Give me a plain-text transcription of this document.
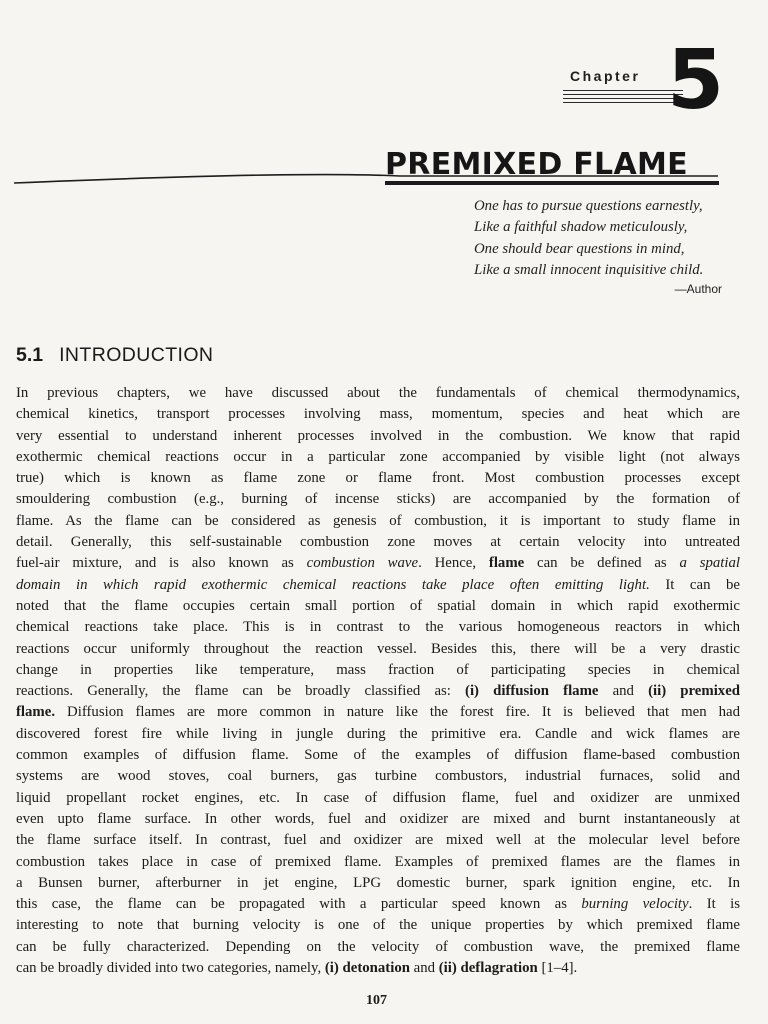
Chapter 5
PREMIXED FLAME
One has to pursue questions earnestly,
Like a faithful shadow meticulously,
One should bear questions in mind,
Like a small innocent inquisitive child.
—Author
5.1 INTRODUCTION
In previous chapters, we have discussed about the fundamentals of chemical thermodynamics,
chemical kinetics, transport processes involving mass, momentum, species and heat which are
very essential to understand inherent processes involved in the combustion. We know that rapid
exothermic chemical reactions occur in a particular zone accompanied by visible light (not always
true) which is known as flame zone or flame front. Most combustion processes except
smouldering combustion (e.g., burning of incense sticks) are accompanied by the formation of
flame. As the flame can be considered as genesis of combustion, it is important to study flame in
detail. Generally, this self-sustainable combustion zone moves at certain velocity into untreated
fuel-air mixture, and is also known as combustion wave. Hence, flame can be defined as a spatial
domain in which rapid exothermic chemical reactions take place often emitting light. It can be
noted that the flame occupies certain small portion of spatial domain in which rapid exothermic
chemical reactions take place. This is in contrast to the various homogeneous reactors in which
reactions occur uniformly throughout the reaction vessel. Besides this, there will be a very drastic
change in properties like temperature, mass fraction of participating species in chemical
reactions. Generally, the flame can be broadly classified as: (i) diffusion flame and (ii) premixed
flame. Diffusion flames are more common in nature like the forest fire. It is believed that men had
discovered forest fire while living in jungle during the primitive era. Candle and wick flames are
common examples of diffusion flame. Some of the examples of diffusion flame-based combustion
systems are wood stoves, coal burners, gas turbine combustors, industrial furnaces, solid and
liquid propellant rocket engines, etc. In case of diffusion flame, fuel and oxidizer are unmixed
even upto flame surface. In other words, fuel and oxidizer are mixed and burnt instantaneously at
the flame surface itself. In contrast, fuel and oxidizer are mixed well at the molecular level before
combustion takes place in case of premixed flame. Examples of premixed flames are the flames in
a Bunsen burner, afterburner in jet engine, LPG domestic burner, spark ignition engine, etc. In
this case, the flame can be propagated with a particular speed known as burning velocity. It is
interesting to note that burning velocity is one of the unique properties by which premixed flame
can be fully characterized. Depending on the velocity of combustion wave, the premixed flame
can be broadly divided into two categories, namely, (i) detonation and (ii) deflagration [1–4].
107
